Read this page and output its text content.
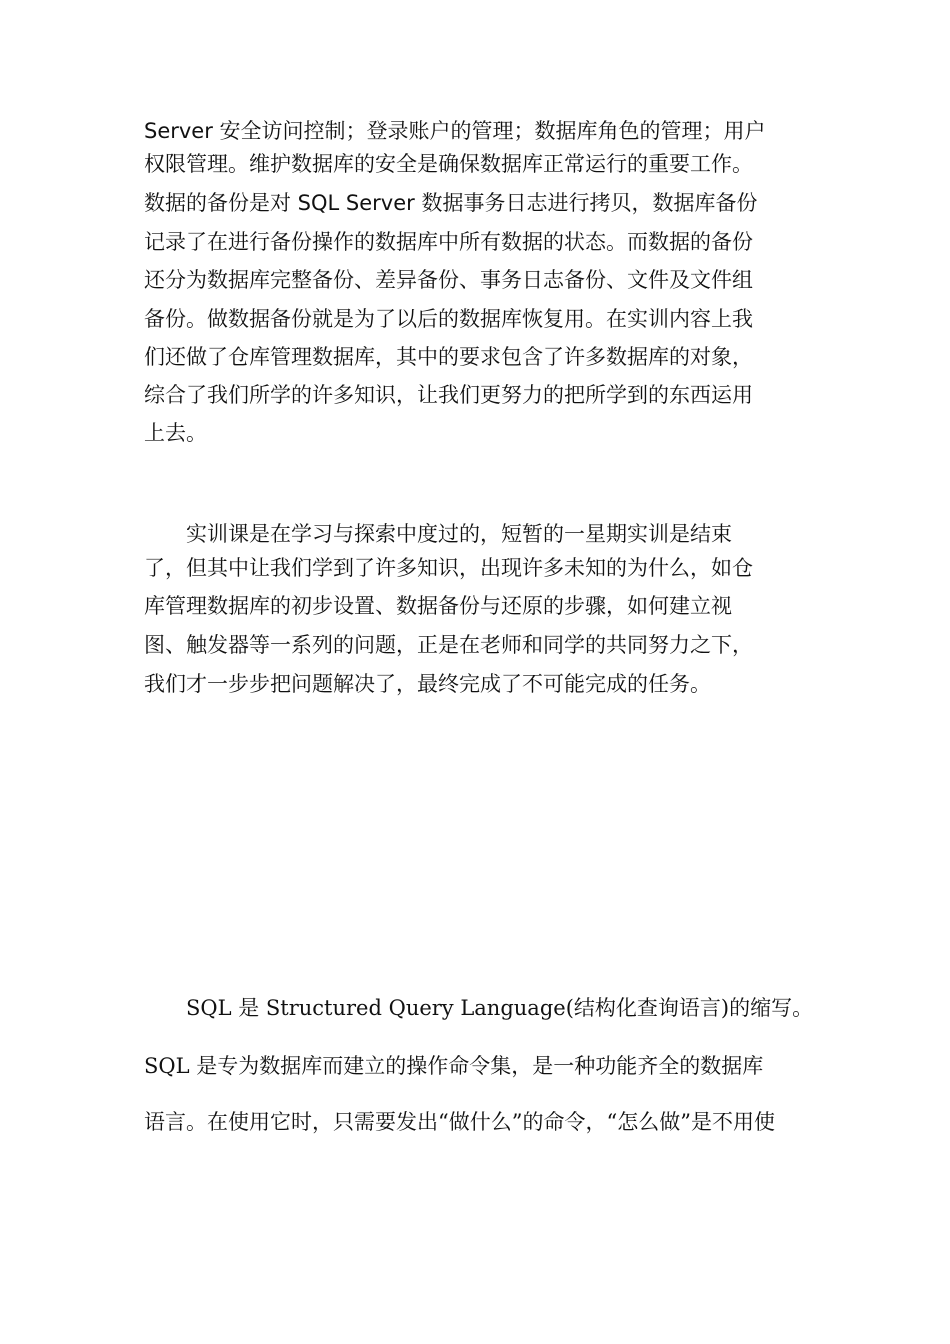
Server 安全访问控制；登录账户的管理；数据库角色的管理；用户
权限管理。维护数据库的安全是确保数据库正常运行的重要工作。
数据的备份是对 SQL Server 数据事务日志进行拷贝，数据库备份
记录了在进行备份操作的数据库中所有数据的状态。而数据的备份
还分为数据库完整备份、差异备份、事务日志备份、文件及文件组
备份。做数据备份就是为了以后的数据库恢复用。在实训内容上我
们还做了仓库管理数据库，其中的要求包含了许多数据库的对象，
综合了我们所学的许多知识，让我们更努力的把所学到的东西运用
上去。
实训课是在学习与探索中度过的，短暂的一星期实训是结束
了，但其中让我们学到了许多知识，出现许多未知的为什么，如仓
库管理数据库的初步设置、数据备份与还原的步骤，如何建立视
图、触发器等一系列的问题，正是在老师和同学的共同努力之下，
我们才一步步把问题解决了，最终完成了不可能完成的任务。
SQL 是 Structured Query Language(结构化查询语言)的缩写。
SQL 是专为数据库而建立的操作命令集，是一种功能齐全的数据库
语言。在使用它时，只需要发出“做什么”的命令，“怎么做”是不用使
